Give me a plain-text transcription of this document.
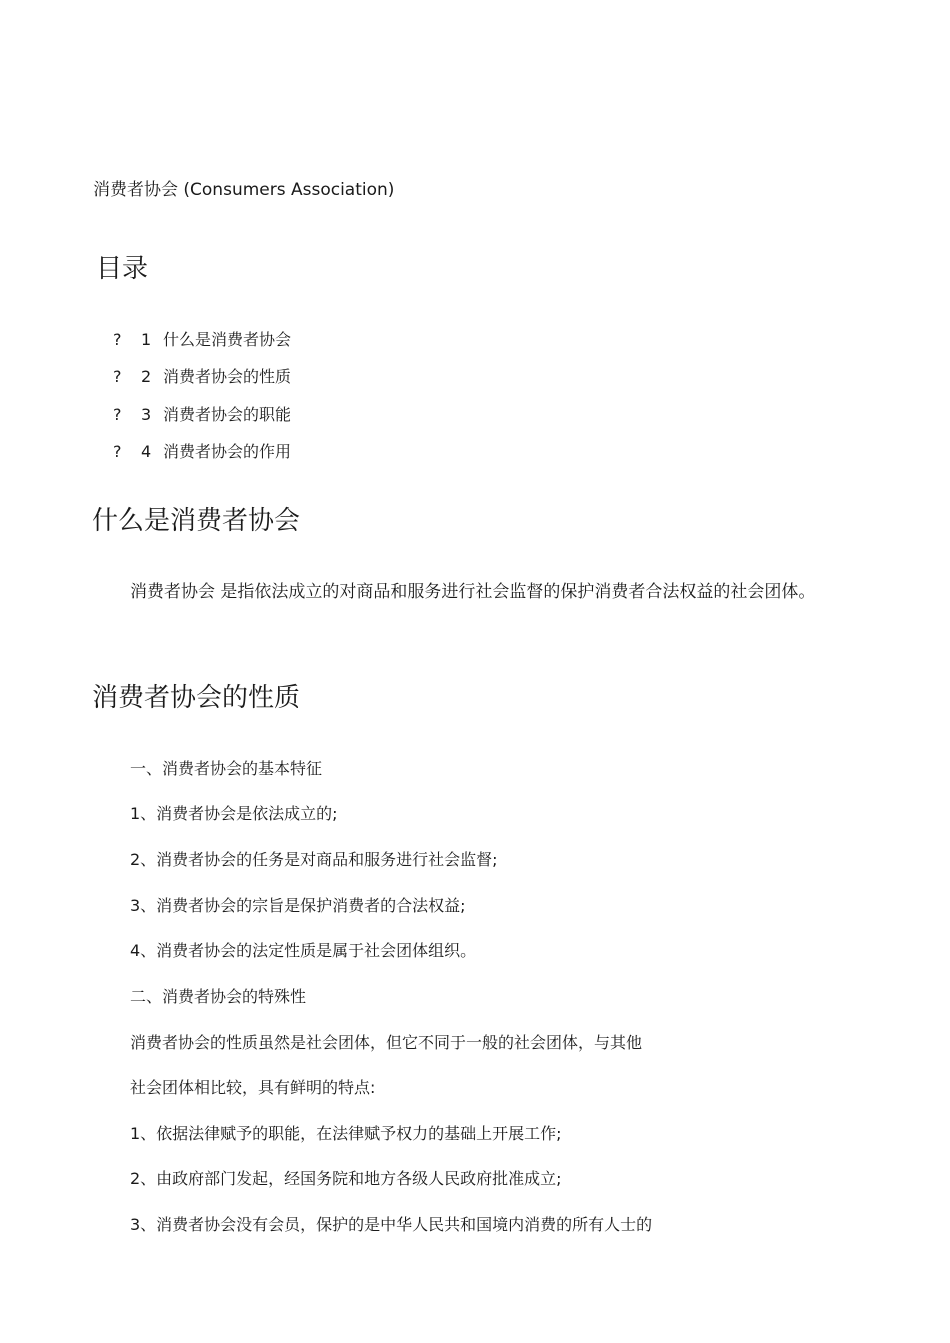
消费者协会 (Consumers Association)
目录
? 1 什么是消费者协会
? 2 消费者协会的性质
? 3 消费者协会的职能
? 4 消费者协会的作用
什么是消费者协会
消费者协会 是指依法成立的对商品和服务进行社会监督的保护消费者合法权益的社会团体。
消费者协会的性质
一、消费者协会的基本特征
1、消费者协会是依法成立的;
2、消费者协会的任务是对商品和服务进行社会监督;
3、消费者协会的宗旨是保护消费者的合法权益;
4、消费者协会的法定性质是属于社会团体组织。
二、消费者协会的特殊性
消费者协会的性质虽然是社会团体，但它不同于一般的社会团体，与其他
社会团体相比较，具有鲜明的特点:
1、依据法律赋予的职能，在法律赋予权力的基础上开展工作;
2、由政府部门发起，经国务院和地方各级人民政府批准成立;
3、消费者协会没有会员，保护的是中华人民共和国境内消费的所有人士的
